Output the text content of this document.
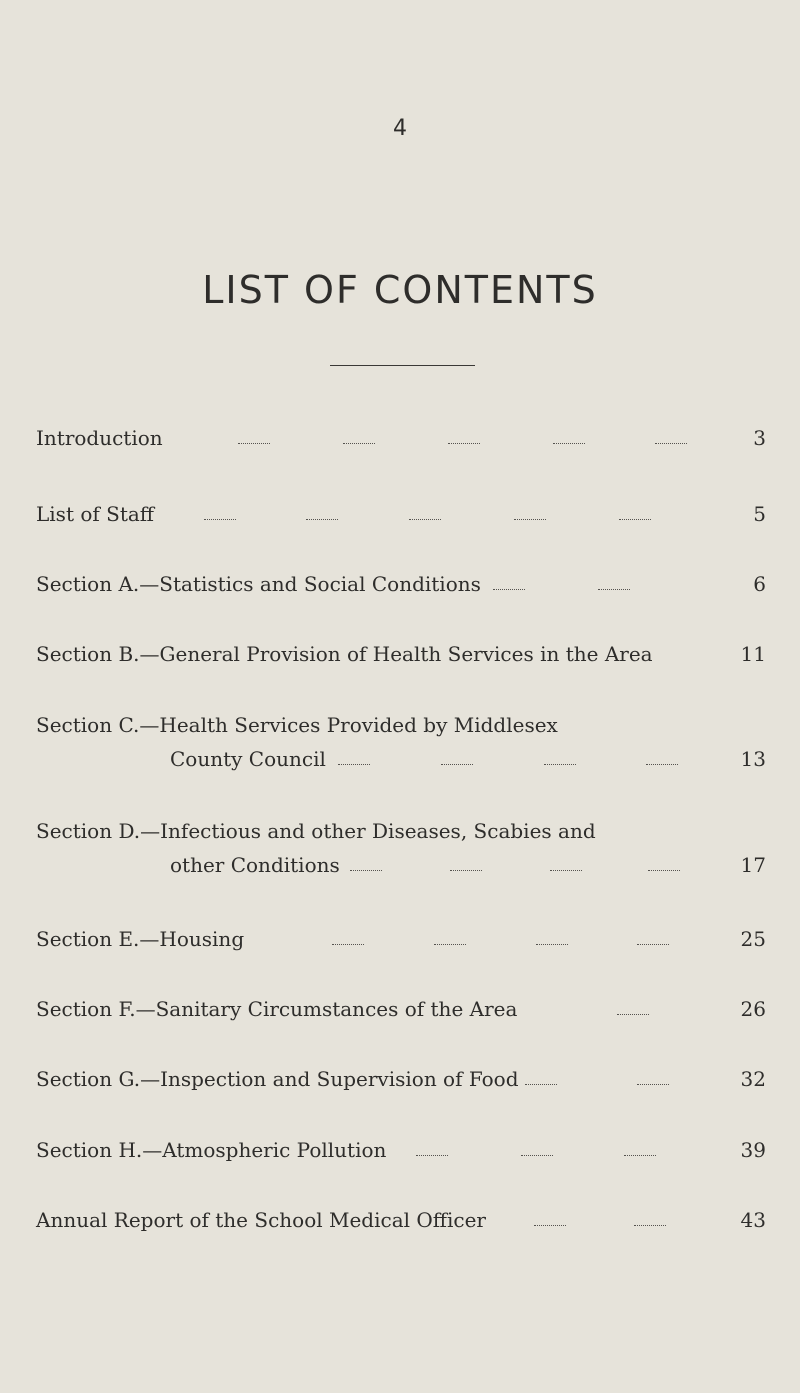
4
LIST OF CONTENTS
Introduction	3
List of Staff	5
Section A.—Statistics and Social Conditions	6
Section B.—General Provision of Health Services in the Area	11
Section C.—Health Services Provided by Middlesex
County Council	13
Section D.—Infectious and other Diseases, Scabies and
other Conditions	17
Section E.—Housing	25
Section F.—Sanitary Circumstances of the Area	26
Section G.—Inspection and Supervision of Food	32
Section H.—Atmospheric Pollution	39
Annual Report of the School Medical Officer	43
